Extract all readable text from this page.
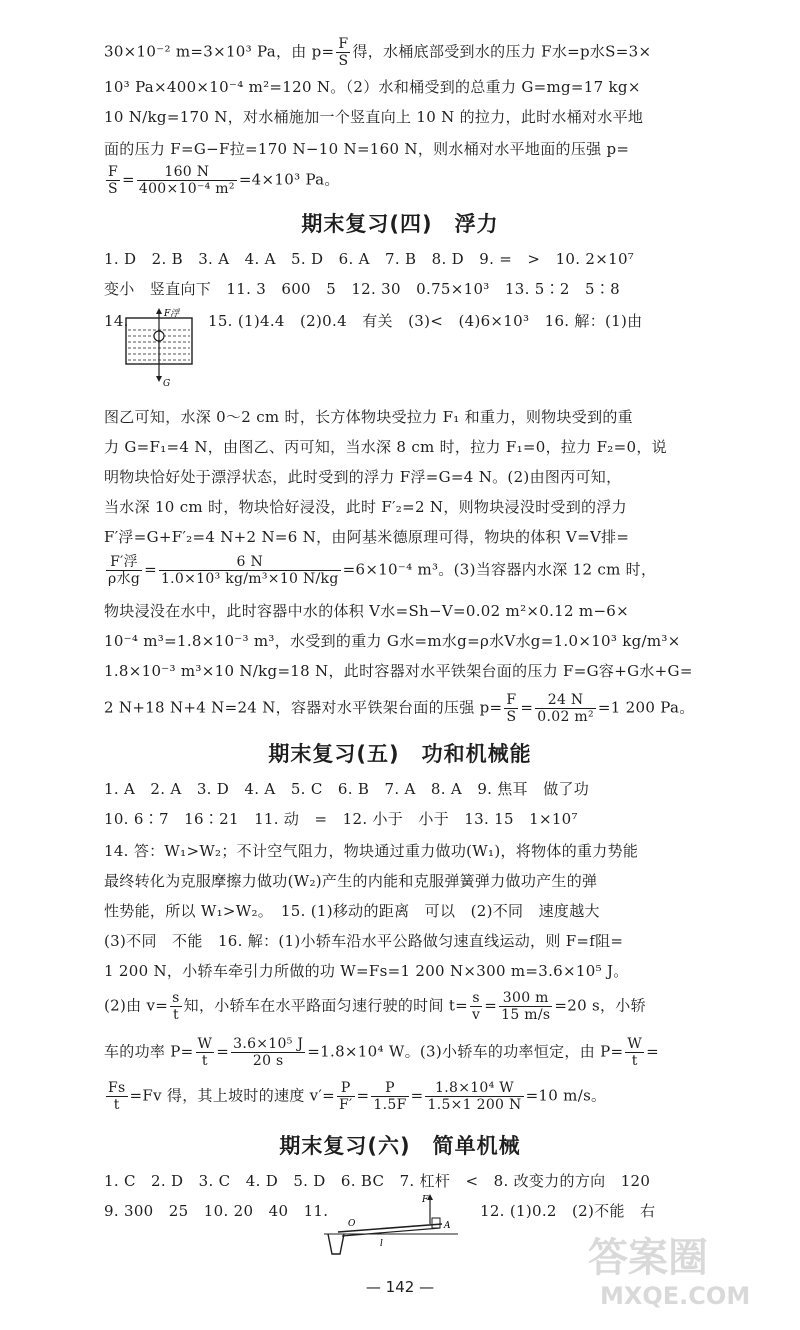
30×10⁻² m=3×10³ Pa，由 $p= \frac{F}{S}$ 得，水桶底部受到水的压力 F水=p水S=3×
10³ Pa×400×10⁻⁴ m²=120 N。（2）水和桶受到的总重力 G=mg=17 kg×
10 N/kg=170 N，对水桶施加一个竖直向上 10 N 的拉力，此时水桶对水平地
面的压力 F=G−F拉=170 N−10 N=160 N，则水桶对水平地面的压强 p=
$\frac{F}{S} = \frac{160 N}{\text{400×10⁻⁴ m²}} =4\times 10^3$ Pa。
期末复习(四)　浮力
1. D　2. B　3. A　4. A　5. D　6. A　7. B　8. D　9. =　>　10. 2×10⁷
变小　竖直向下　11. 3　600　5　12. 30　0.75×10³　13. 5∶2　5∶8
14.	15. (1)4.4　(2)0.4　有关　(3)<　(4)6×10³　16. 解：(1)由
F浮
G
图乙可知，水深 0～2 cm 时，长方体物块受拉力 F₁ 和重力，则物块受到的重
力 G=F₁=4 N，由图乙、丙可知，当水深 8 cm 时，拉力 F₁=0，拉力 F₂=0，说
明物块恰好处于漂浮状态，此时受到的浮力 F浮=G=4 N。(2)由图丙可知，
当水深 10 cm 时，物块恰好浸没，此时 F′₂=2 N，则物块浸没时受到的浮力
F′浮=G+F′₂=4 N+2 N=6 N，由阿基米德原理可得，物块的体积 V=V排=
$\frac{\text{F′浮}}{\text{ρ水g}} = \frac{6 N}{\text{1.0×10³ kg/m³×10 N/kg}} =6\times 10^{-4}$ m³。(3)当容器内水深 12 cm 时，
物块浸没在水中，此时容器中水的体积 V水=Sh−V=0.02 m²×0.12 m−6×
10⁻⁴ m³=1.8×10⁻³ m³，水受到的重力 G水=m水g=ρ水V水g=1.0×10³ kg/m³×
1.8×10⁻³ m³×10 N/kg=18 N，此时容器对水平铁架台面的压力 F=G容+G水+G=
2 N+18 N+4 N=24 N，容器对水平铁架台面的压强 $p= \frac{F}{S} = \frac{24 N}{\text{0.02 m²}} =1$ 200 Pa。
期末复习(五)　功和机械能
1. A　2. A　3. D　4. A　5. C　6. B　7. A　8. A　9. 焦耳　做了功
10. 6∶7　16∶21　11. 动　=　12. 小于　小于　13. 15　1×10⁷
14. 答：W₁>W₂；不计空气阻力，物块通过重力做功(W₁)，将物体的重力势能
最终转化为克服摩擦力做功(W₂)产生的内能和克服弹簧弹力做功产生的弹
性势能，所以 W₁>W₂。　15. (1)移动的距离　可以　(2)不同　速度越大
(3)不同　不能　16. 解：(1)小轿车沿水平公路做匀速直线运动，则 F=f阻=
1 200 N，小轿车牵引力所做的功 W=Fs=1 200 N×300 m=3.6×10⁵ J。
(2)由 $v= \frac{s}{t}$ 知，小轿车在水平路面匀速行驶的时间 $t= \frac{s}{v} = \frac{300 m}{15 m/s} =20$ s，小轿
车的功率 $P= \frac{W}{t} = \frac{\text{3.6×10⁵ J}}{20 s} =1.8\times 10^4$ W。(3)小轿车的功率恒定，由 $P= \frac{W}{t}$ =
$\frac{Fs}{t} =Fv$ 得，其上坡时的速度 $v'= \frac{P}{F'} = \frac{P}{1.5F} = \frac{\text{1.8×10⁴ W}}{1.5\times 1 200 N} =10$ m/s。
期末复习(六)　简单机械
1. C　2. D　3. C　4. D　5. D　6. BC　7. 杠杆　<　8. 改变力的方向　120
9. 300　25　10. 20　40　11.	12. (1)0.2　(2)不能　右
O
F
l
A
— 142 —
答案圈
MXQE.COM
